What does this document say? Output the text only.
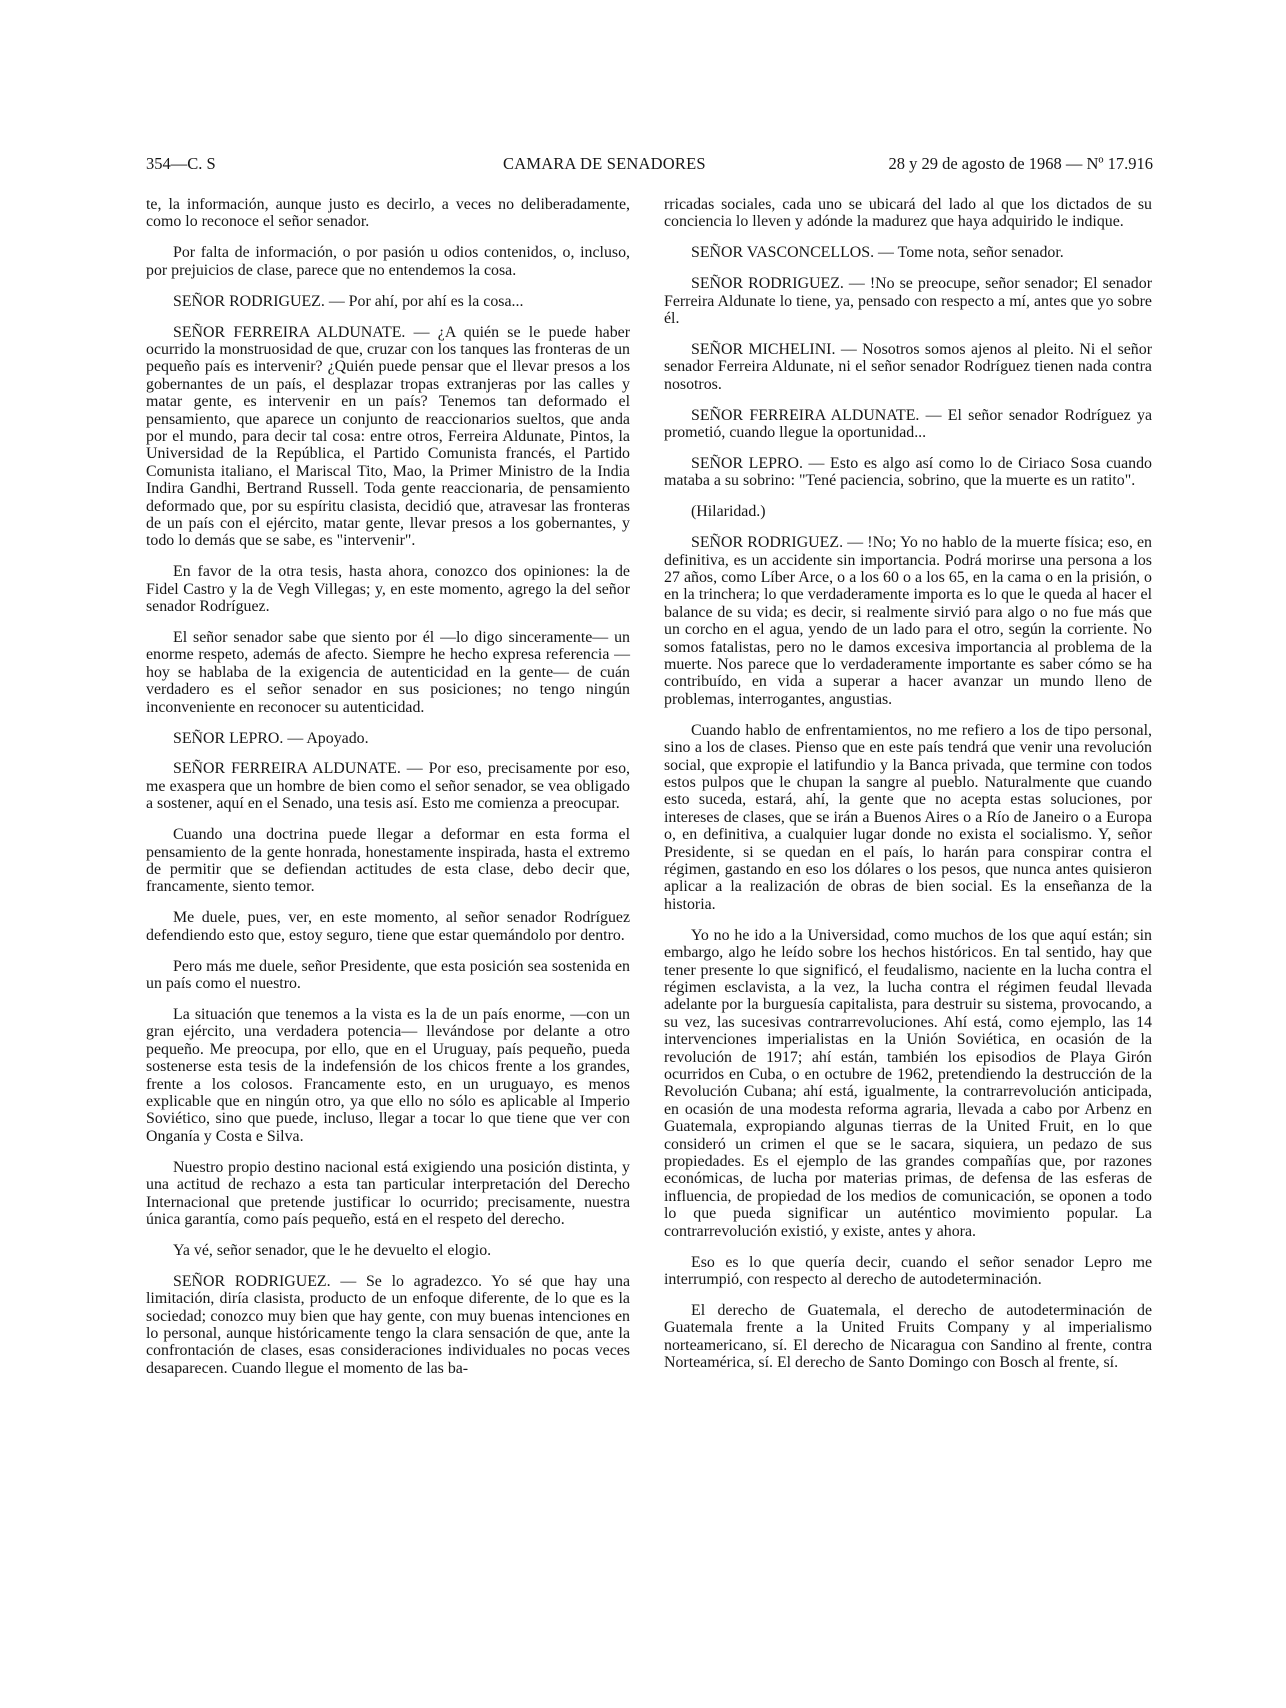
354—C. S	CAMARA DE SENADORES	28 y 29 de agosto de 1968 — Nº 17.916

te, la información, aunque justo es decirlo, a veces no deliberadamente, como lo reconoce el señor senador.

Por falta de información, o por pasión u odios contenidos, o, incluso, por prejuicios de clase, parece que no entendemos la cosa.

SEÑOR RODRIGUEZ. — Por ahí, por ahí es la cosa...

SEÑOR FERREIRA ALDUNATE. — ¿A quién se le puede haber ocurrido la monstruosidad de que, cruzar con los tanques las fronteras de un pequeño país es intervenir? ¿Quién puede pensar que el llevar presos a los gobernantes de un país, el desplazar tropas extranjeras por las calles y matar gente, es intervenir en un país? Tenemos tan deformado el pensamiento, que aparece un conjunto de reaccionarios sueltos, que anda por el mundo, para decir tal cosa: entre otros, Ferreira Aldunate, Pintos, la Universidad de la República, el Partido Comunista francés, el Partido Comunista italiano, el Mariscal Tito, Mao, la Primer Ministro de la India Indira Gandhi, Bertrand Russell. Toda gente reaccionaria, de pensamiento deformado que, por su espíritu clasista, decidió que, atravesar las fronteras de un país con el ejército, matar gente, llevar presos a los gobernantes, y todo lo demás que se sabe, es "intervenir".

En favor de la otra tesis, hasta ahora, conozco dos opiniones: la de Fidel Castro y la de Vegh Villegas; y, en este momento, agrego la del señor senador Rodríguez.

El señor senador sabe que siento por él —lo digo sinceramente— un enorme respeto, además de afecto. Siempre he hecho expresa referencia —hoy se hablaba de la exigencia de autenticidad en la gente— de cuán verdadero es el señor senador en sus posiciones; no tengo ningún inconveniente en reconocer su autenticidad.

SEÑOR LEPRO. — Apoyado.

SEÑOR FERREIRA ALDUNATE. — Por eso, precisamente por eso, me exaspera que un hombre de bien como el señor senador, se vea obligado a sostener, aquí en el Senado, una tesis así. Esto me comienza a preocupar.

Cuando una doctrina puede llegar a deformar en esta forma el pensamiento de la gente honrada, honestamente inspirada, hasta el extremo de permitir que se defiendan actitudes de esta clase, debo decir que, francamente, siento temor.

Me duele, pues, ver, en este momento, al señor senador Rodríguez defendiendo esto que, estoy seguro, tiene que estar quemándolo por dentro.

Pero más me duele, señor Presidente, que esta posición sea sostenida en un país como el nuestro.

La situación que tenemos a la vista es la de un país enorme, —con un gran ejército, una verdadera potencia— llevándose por delante a otro pequeño. Me preocupa, por ello, que en el Uruguay, país pequeño, pueda sostenerse esta tesis de la indefensión de los chicos frente a los grandes, frente a los colosos. Francamente esto, en un uruguayo, es menos explicable que en ningún otro, ya que ello no sólo es aplicable al Imperio Soviético, sino que puede, incluso, llegar a tocar lo que tiene que ver con Onganía y Costa e Silva.

Nuestro propio destino nacional está exigiendo una posición distinta, y una actitud de rechazo a esta tan particular interpretación del Derecho Internacional que pretende justificar lo ocurrido; precisamente, nuestra única garantía, como país pequeño, está en el respeto del derecho.

Ya vé, señor senador, que le he devuelto el elogio.

SEÑOR RODRIGUEZ. — Se lo agradezco. Yo sé que hay una limitación, diría clasista, producto de un enfoque diferente, de lo que es la sociedad; conozco muy bien que hay gente, con muy buenas intenciones en lo personal, aunque históricamente tengo la clara sensación de que, ante la confrontación de clases, esas consideraciones individuales no pocas veces desaparecen. Cuando llegue el momento de las ba-

rricadas sociales, cada uno se ubicará del lado al que los dictados de su conciencia lo lleven y adónde la madurez que haya adquirido le indique.

SEÑOR VASCONCELLOS. — Tome nota, señor senador.

SEÑOR RODRIGUEZ. — !No se preocupe, señor senador; El senador Ferreira Aldunate lo tiene, ya, pensado con respecto a mí, antes que yo sobre él.

SEÑOR MICHELINI. — Nosotros somos ajenos al pleito. Ni el señor senador Ferreira Aldunate, ni el señor senador Rodríguez tienen nada contra nosotros.

SEÑOR FERREIRA ALDUNATE. — El señor senador Rodríguez ya prometió, cuando llegue la oportunidad...

SEÑOR LEPRO. — Esto es algo así como lo de Ciriaco Sosa cuando mataba a su sobrino: "Tené paciencia, sobrino, que la muerte es un ratito".

(Hilaridad.)

SEÑOR RODRIGUEZ. — !No; Yo no hablo de la muerte física; eso, en definitiva, es un accidente sin importancia. Podrá morirse una persona a los 27 años, como Líber Arce, o a los 60 o a los 65, en la cama o en la prisión, o en la trinchera; lo que verdaderamente importa es lo que le queda al hacer el balance de su vida; es decir, si realmente sirvió para algo o no fue más que un corcho en el agua, yendo de un lado para el otro, según la corriente. No somos fatalistas, pero no le damos excesiva importancia al problema de la muerte. Nos parece que lo verdaderamente importante es saber cómo se ha contribuído, en vida a superar a hacer avanzar un mundo lleno de problemas, interrogantes, angustias.

Cuando hablo de enfrentamientos, no me refiero a los de tipo personal, sino a los de clases. Pienso que en este país tendrá que venir una revolución social, que expropie el latifundio y la Banca privada, que termine con todos estos pulpos que le chupan la sangre al pueblo. Naturalmente que cuando esto suceda, estará, ahí, la gente que no acepta estas soluciones, por intereses de clases, que se irán a Buenos Aires o a Río de Janeiro o a Europa o, en definitiva, a cualquier lugar donde no exista el socialismo. Y, señor Presidente, si se quedan en el país, lo harán para conspirar contra el régimen, gastando en eso los dólares o los pesos, que nunca antes quisieron aplicar a la realización de obras de bien social. Es la enseñanza de la historia.

Yo no he ido a la Universidad, como muchos de los que aquí están; sin embargo, algo he leído sobre los hechos históricos. En tal sentido, hay que tener presente lo que significó, el feudalismo, naciente en la lucha contra el régimen esclavista, a la vez, la lucha contra el régimen feudal llevada adelante por la burguesía capitalista, para destruir su sistema, provocando, a su vez, las sucesivas contrarrevoluciones. Ahí está, como ejemplo, las 14 intervenciones imperialistas en la Unión Soviética, en ocasión de la revolución de 1917; ahí están, también los episodios de Playa Girón ocurridos en Cuba, o en octubre de 1962, pretendiendo la destrucción de la Revolución Cubana; ahí está, igualmente, la contrarrevolución anticipada, en ocasión de una modesta reforma agraria, llevada a cabo por Arbenz en Guatemala, expropiando algunas tierras de la United Fruit, en lo que consideró un crimen el que se le sacara, siquiera, un pedazo de sus propiedades. Es el ejemplo de las grandes compañías que, por razones económicas, de lucha por materias primas, de defensa de las esferas de influencia, de propiedad de los medios de comunicación, se oponen a todo lo que pueda significar un auténtico movimiento popular. La contrarrevolución existió, y existe, antes y ahora.

Eso es lo que quería decir, cuando el señor senador Lepro me interrumpió, con respecto al derecho de autodeterminación.

El derecho de Guatemala, el derecho de autodeterminación de Guatemala frente a la United Fruits Company y al imperialismo norteamericano, sí. El derecho de Nicaragua con Sandino al frente, contra Norteamérica, sí. El derecho de Santo Domingo con Bosch al frente, sí.
